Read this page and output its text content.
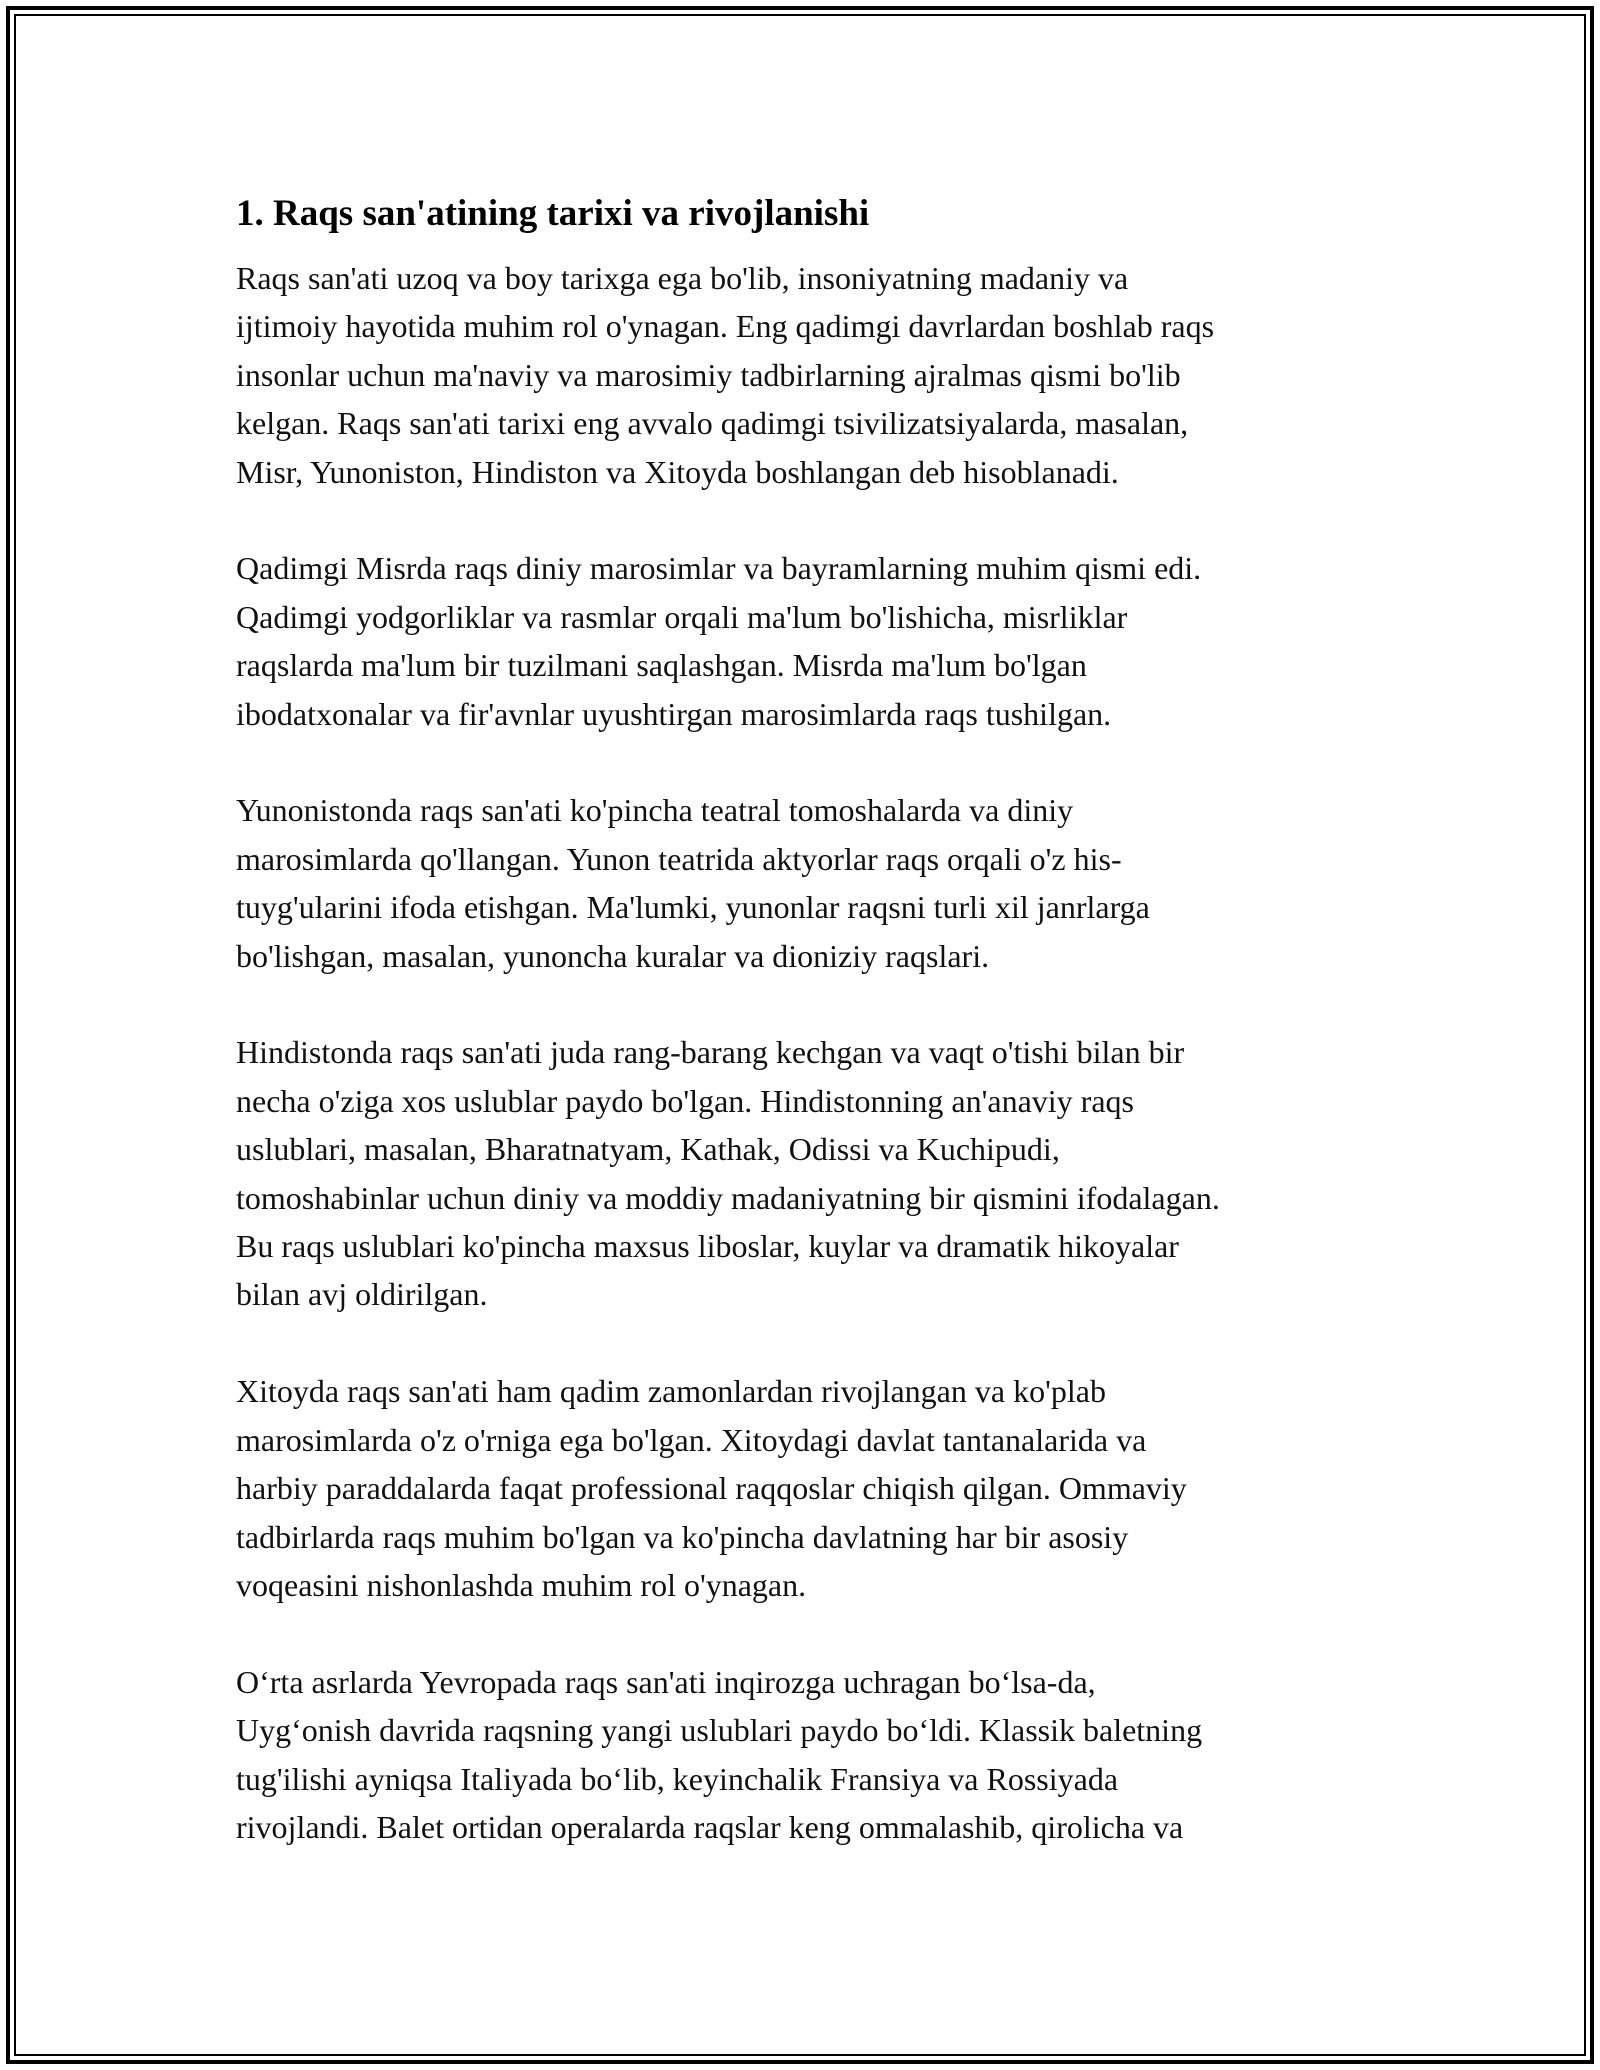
1. Raqs san'atining tarixi va rivojlanishi

Raqs san'ati uzoq va boy tarixga ega bo'lib, insoniyatning madaniy va
ijtimoiy hayotida muhim rol o'ynagan. Eng qadimgi davrlardan boshlab raqs
insonlar uchun ma'naviy va marosimiy tadbirlarning ajralmas qismi bo'lib
kelgan. Raqs san'ati tarixi eng avvalo qadimgi tsivilizatsiyalarda, masalan,
Misr, Yunoniston, Hindiston va Xitoyda boshlangan deb hisoblanadi.

Qadimgi Misrda raqs diniy marosimlar va bayramlarning muhim qismi edi.
Qadimgi yodgorliklar va rasmlar orqali ma'lum bo'lishicha, misrliklar
raqslarda ma'lum bir tuzilmani saqlashgan. Misrda ma'lum bo'lgan
ibodatxonalar va fir'avnlar uyushtirgan marosimlarda raqs tushilgan.

Yunonistonda raqs san'ati ko'pincha teatral tomoshalarda va diniy
marosimlarda qo'llangan. Yunon teatrida aktyorlar raqs orqali o'z his-
tuyg'ularini ifoda etishgan. Ma'lumki, yunonlar raqsni turli xil janrlarga
bo'lishgan, masalan, yunoncha kuralar va dioniziy raqslari.

Hindistonda raqs san'ati juda rang-barang kechgan va vaqt o'tishi bilan bir
necha o'ziga xos uslublar paydo bo'lgan. Hindistonning an'anaviy raqs
uslublari, masalan, Bharatnatyam, Kathak, Odissi va Kuchipudi,
tomoshabinlar uchun diniy va moddiy madaniyatning bir qismini ifodalagan.
Bu raqs uslublari ko'pincha maxsus liboslar, kuylar va dramatik hikoyalar
bilan avj oldirilgan.

Xitoyda raqs san'ati ham qadim zamonlardan rivojlangan va ko'plab
marosimlarda o'z o'rniga ega bo'lgan. Xitoydagi davlat tantanalarida va
harbiy paraddalarda faqat professional raqqoslar chiqish qilgan. Ommaviy
tadbirlarda raqs muhim bo'lgan va ko'pincha davlatning har bir asosiy
voqeasini nishonlashda muhim rol o'ynagan.

O‘rta asrlarda Yevropada raqs san'ati inqirozga uchragan bo‘lsa-da,
Uyg‘onish davrida raqsning yangi uslublari paydo bo‘ldi. Klassik baletning
tug'ilishi ayniqsa Italiyada bo‘lib, keyinchalik Fransiya va Rossiyada
rivojlandi. Balet ortidan operalarda raqslar keng ommalashib, qirolicha va
